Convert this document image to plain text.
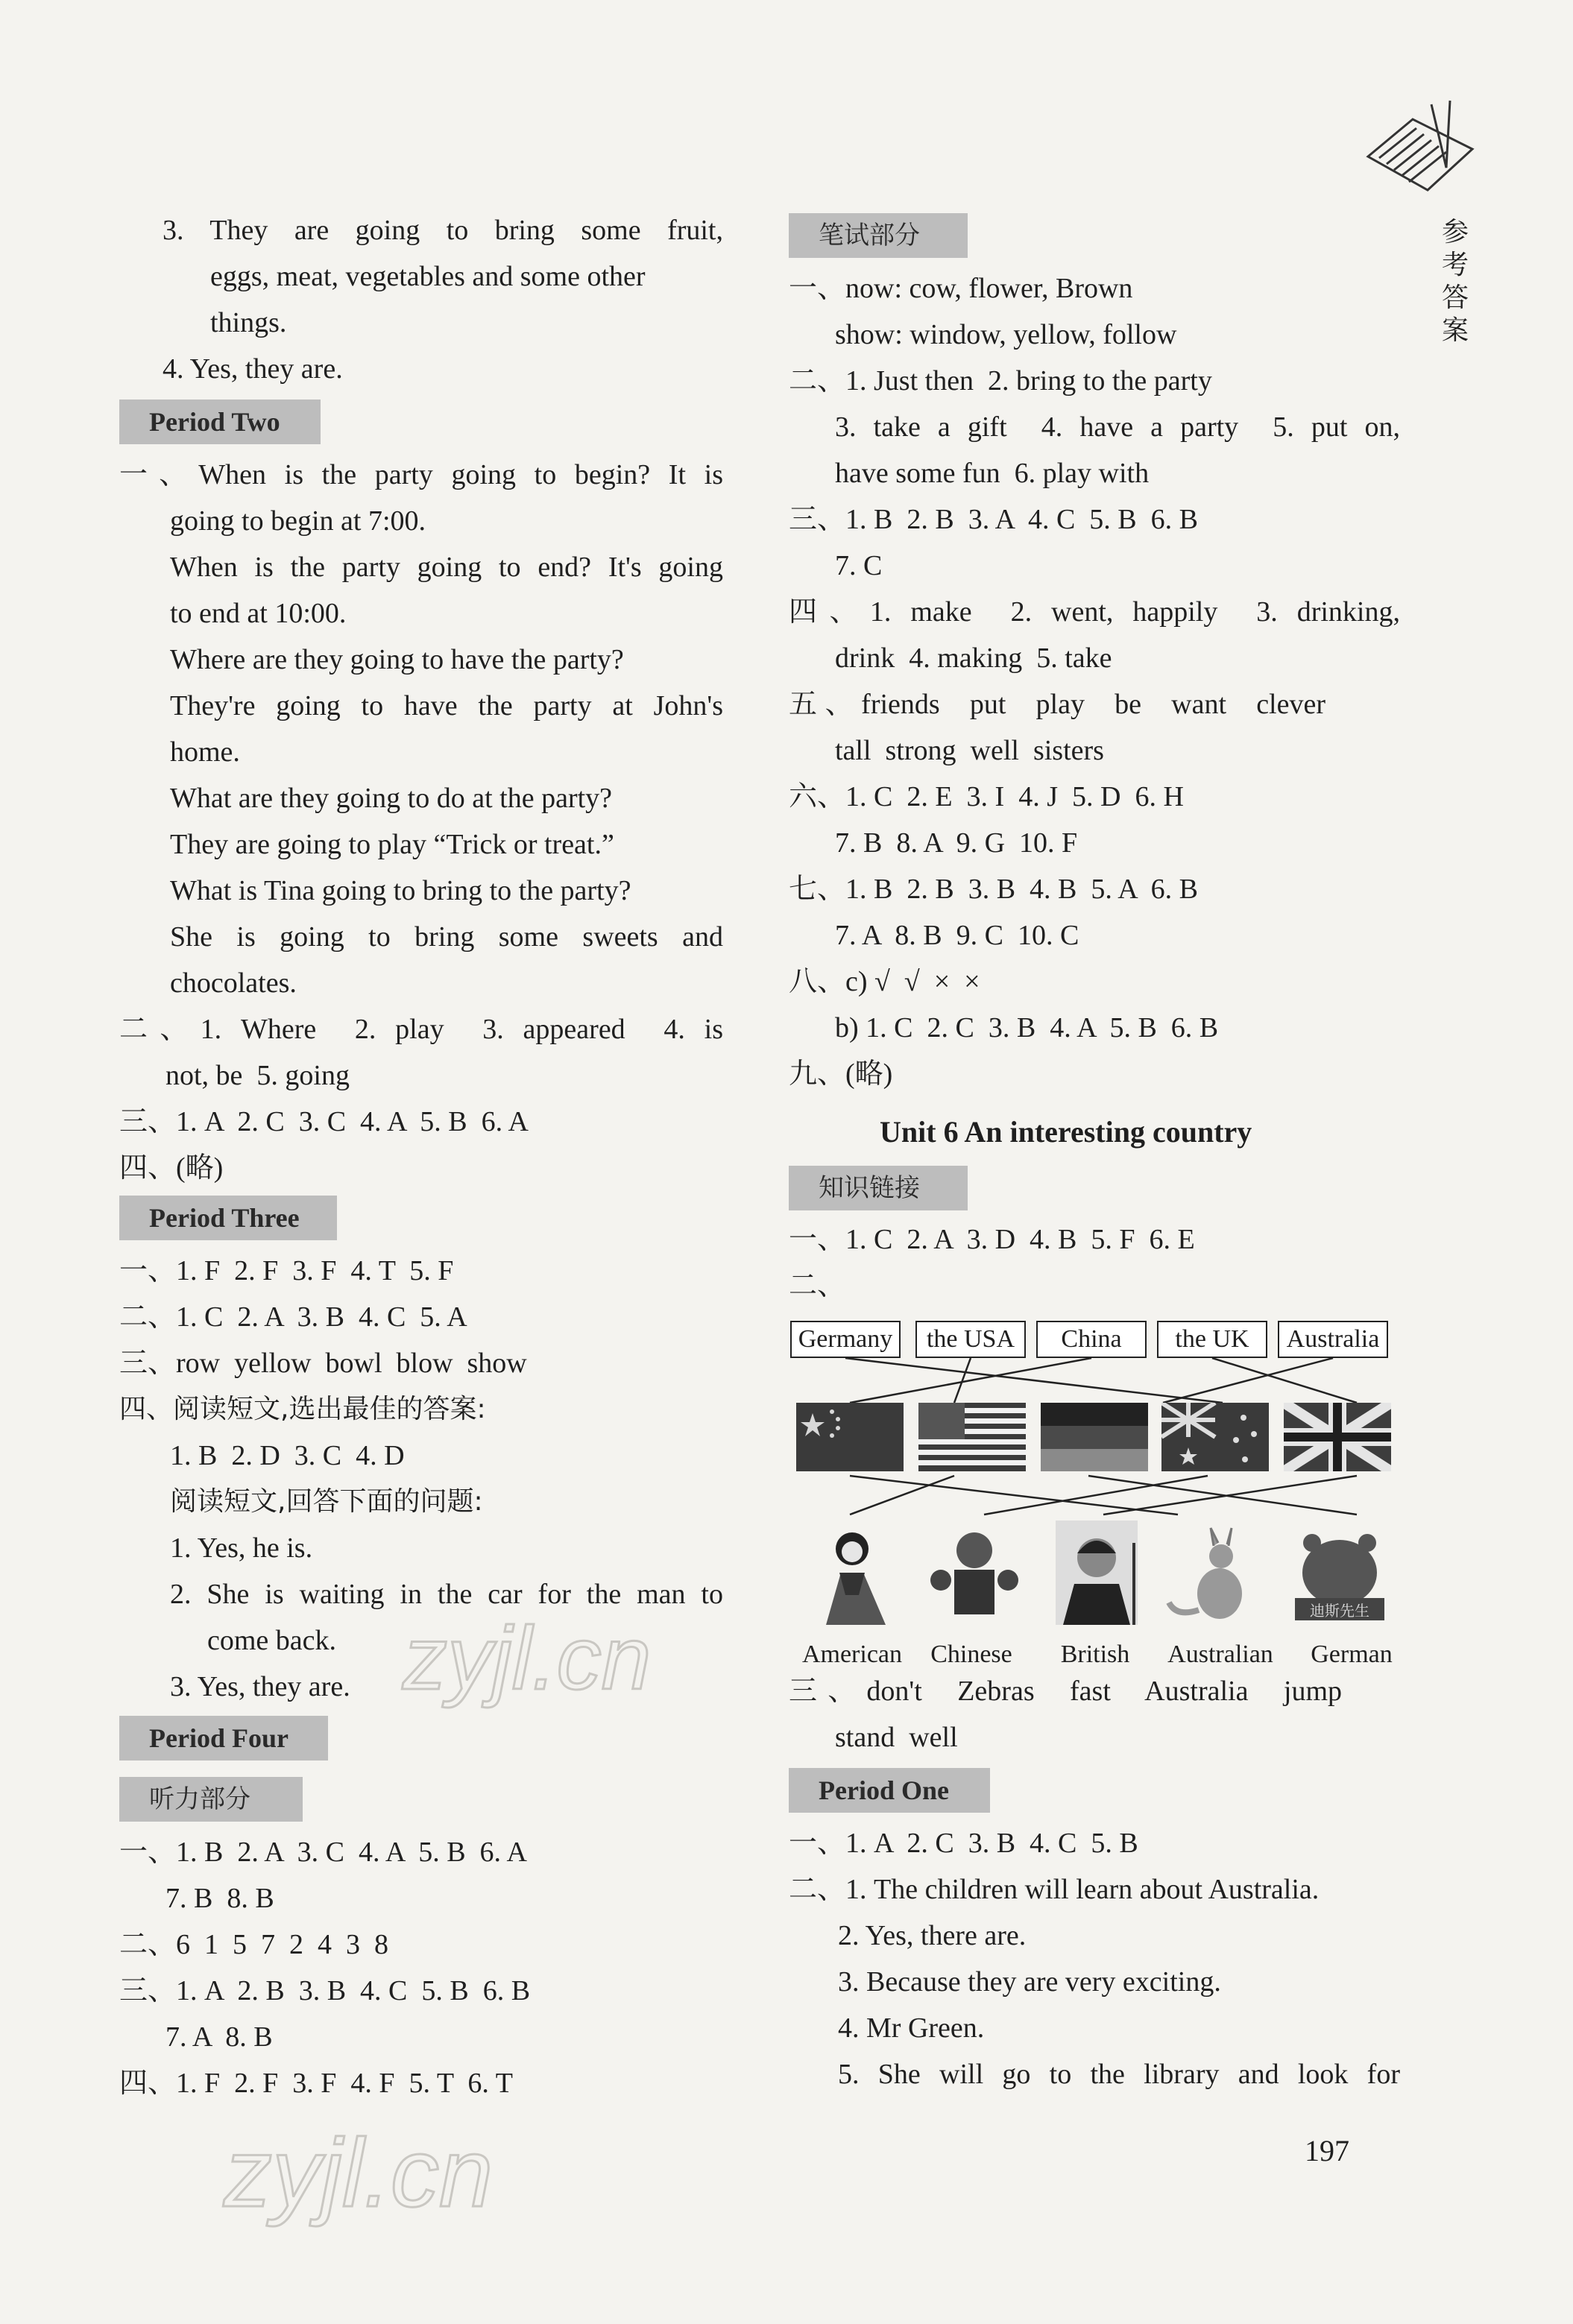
参考答案
3. They are going to bring some fruit,
eggs, meat, vegetables and some other
things.
4. Yes, they are.
Period Two
一、When is the party going to begin? It is
going to begin at 7:00.
When is the party going to end? It's going
to end at 10:00.
Where are they going to have the party?
They're going to have the party at John's
home.
What are they going to do at the party?
They are going to play “Trick or treat.”
What is Tina going to bring to the party?
She is going to bring some sweets and
chocolates.
二、1. Where  2. play  3. appeared  4. is
not, be  5. going
三、1. A  2. C  3. C  4. A  5. B  6. A
四、(略)
Period Three
一、1. F  2. F  3. F  4. T  5. F
二、1. C  2. A  3. B  4. C  5. A
三、row  yellow  bowl  blow  show
四、阅读短文,选出最佳的答案:
1. B  2. D  3. C  4. D
阅读短文,回答下面的问题:
1. Yes, he is.
2. She is waiting in the car for the man to
come back.
3. Yes, they are.
Period Four
听力部分
一、1. B  2. A  3. C  4. A  5. B  6. A
7. B  8. B
二、6  1  5  7  2  4  3  8
三、1. A  2. B  3. B  4. C  5. B  6. B
7. A  8. B
四、1. F  2. F  3. F  4. F  5. T  6. T
笔试部分
一、now: cow, flower, Brown
show: window, yellow, follow
二、1. Just then  2. bring to the party
3. take a gift  4. have a party  5. put on,
have some fun  6. play with
三、1. B  2. B  3. A  4. C  5. B  6. B
7. C
四、1. make  2. went, happily  3. drinking,
drink  4. making  5. take
五、friends  put  play  be  want  clever
tall  strong  well  sisters
六、1. C  2. E  3. I  4. J  5. D  6. H
7. B  8. A  9. G  10. F
七、1. B  2. B  3. B  4. B  5. A  6. B
7. A  8. B  9. C  10. C
八、c) √  √  ×  ×
b) 1. C  2. C  3. B  4. A  5. B  6. B
九、(略)
Unit 6 An interesting country
知识链接
一、1. C  2. A  3. D  4. B  5. F  6. E
二、
Germany	the USA	China	the UK	Australia
迪斯先生
American	Chinese	British	Australian	German
三、don't  Zebras  fast  Australia  jump
stand  well
Period One
一、1. A  2. C  3. B  4. C  5. B
二、1. The children will learn about Australia.
2. Yes, there are.
3. Because they are very exciting.
4. Mr Green.
5. She will go to the library and look for
197
zyjl.cn
zyjl.cn
